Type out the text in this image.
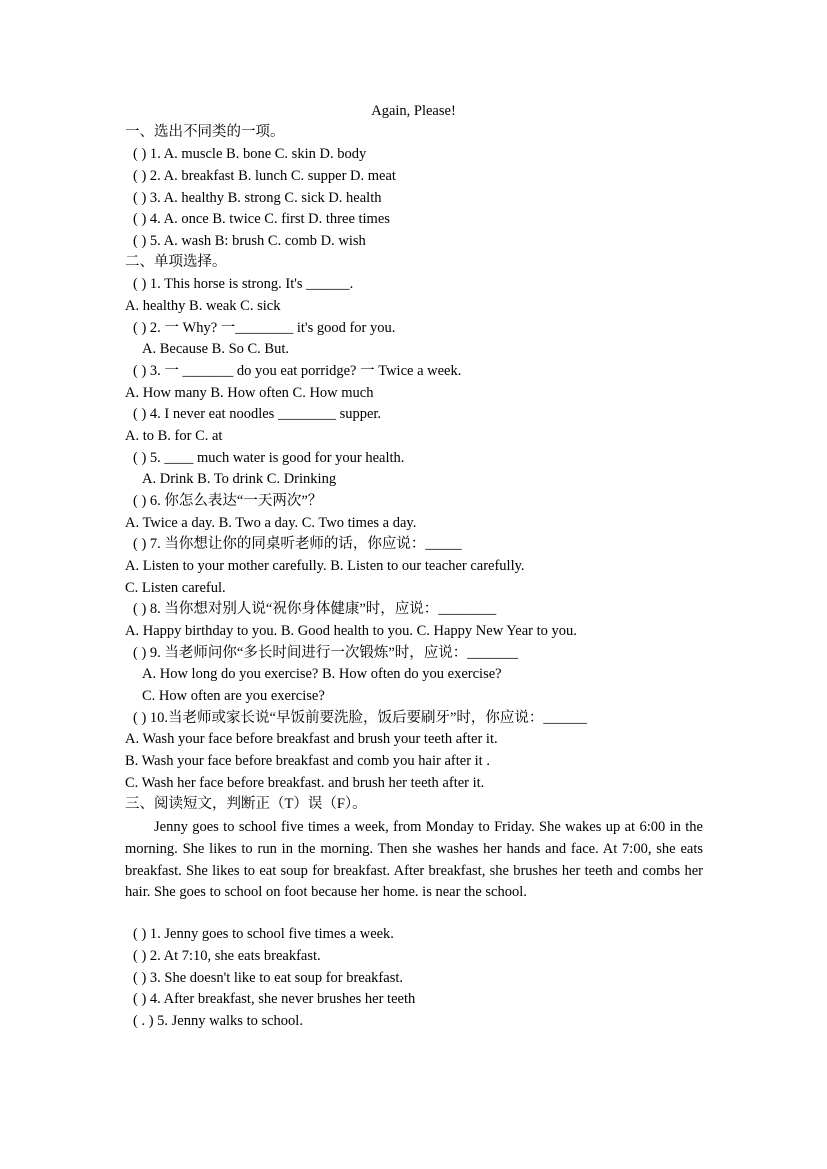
Again, Please!
一、选出不同类的一项。
( ) 1. A. muscle B. bone C. skin D. body
( ) 2. A. breakfast B. lunch C. supper D. meat
( ) 3. A. healthy B. strong C. sick D. health
( ) 4. A. once B. twice C. first D. three times
( ) 5. A. wash B: brush C. comb D. wish
二、单项选择。
( ) 1. This horse is strong. It's ______.
A. healthy B. weak C. sick
( ) 2. 一 Why? 一________ it's good for you.
A. Because B. So C. But.
( ) 3. 一 _______ do you eat porridge? 一 Twice a week.
A. How many B. How often C. How much
( ) 4. I never eat noodles ________ supper.
A. to B. for C. at
( ) 5. ____ much water is good for your health.
A. Drink B. To drink C. Drinking
( ) 6. 你怎么表达“一天两次”？
A. Twice a day. B. Two a day. C. Two times a day.
( ) 7. 当你想让你的同桌听老师的话，你应说：_____
A. Listen to your mother carefully. B. Listen to our teacher carefully.
C. Listen careful.
( ) 8. 当你想对别人说“祝你身体健康”时，应说：________
A. Happy birthday to you. B. Good health to you. C. Happy New Year to you.
( ) 9. 当老师问你“多长时间进行一次锻炼”时，应说：_______
A. How long do you exercise? B. How often do you exercise?
C. How often are you exercise?
( ) 10.当老师或家长说“早饭前要洗脸，饭后要刷牙”时，你应说：______
A. Wash your face before breakfast and brush your teeth after it.
B. Wash your face before breakfast and comb you hair after it .
C. Wash her face before breakfast. and brush her teeth after it.
三、阅读短文，判断正（T）误（F）。
Jenny goes to school five times a week, from Monday to Friday. She wakes up at 6:00 in the morning. She likes to run in the morning. Then she washes her hands and face. At 7:00, she eats breakfast. She likes to eat soup for breakfast. After breakfast, she brushes her teeth and combs her hair. She goes to school on foot because her home. is near the school.
( ) 1. Jenny goes to school five times a week.
( ) 2. At 7:10, she eats breakfast.
( ) 3. She doesn't like to eat soup for breakfast.
( ) 4. After breakfast, she never brushes her teeth
( . ) 5. Jenny walks to school.
